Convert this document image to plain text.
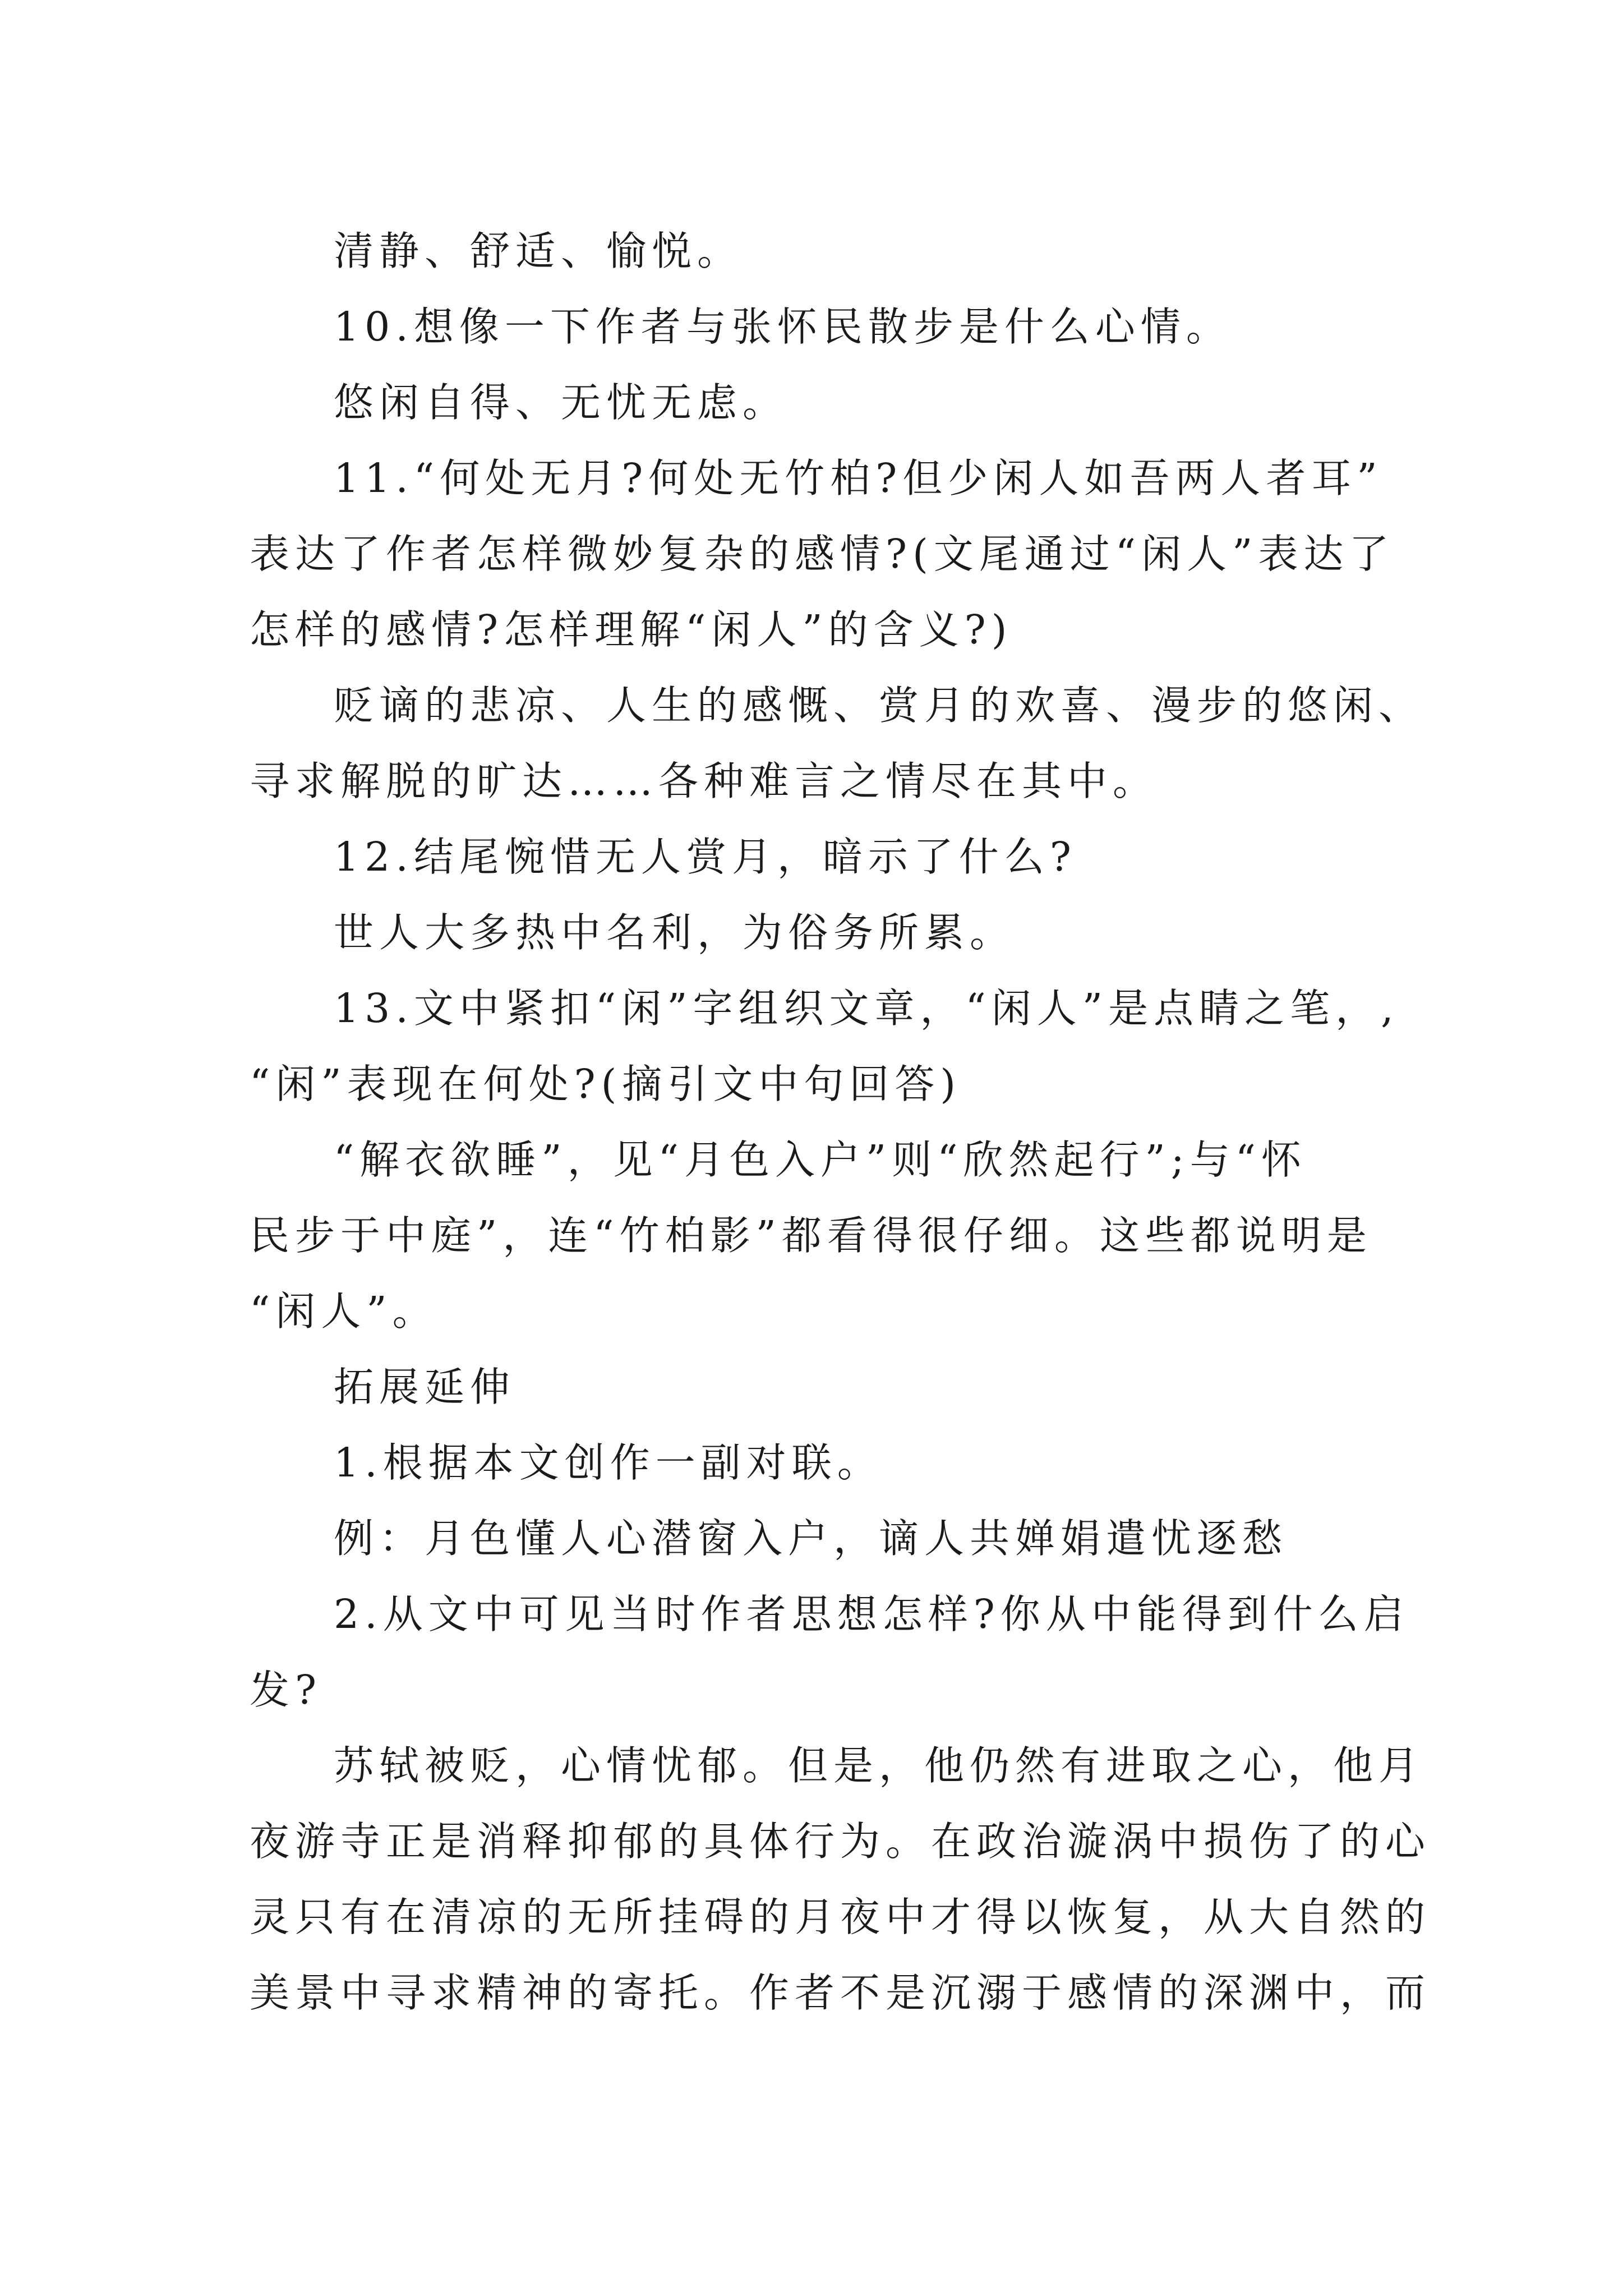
清静、舒适、愉悦。
10.想像一下作者与张怀民散步是什么心情。
悠闲自得、无忧无虑。
11.“何处无月?何处无竹柏?但少闲人如吾两人者耳”
表达了作者怎样微妙复杂的感情?(文尾通过“闲人”表达了
怎样的感情?怎样理解“闲人”的含义?)
贬谪的悲凉、人生的感慨、赏月的欢喜、漫步的悠闲、
寻求解脱的旷达……各种难言之情尽在其中。
12.结尾惋惜无人赏月，暗示了什么?
世人大多热中名利，为俗务所累。
13.文中紧扣“闲”字组织文章，“闲人”是点睛之笔，,
“闲”表现在何处?(摘引文中句回答)
“解衣欲睡”，见“月色入户”则“欣然起行”;与“怀
民步于中庭”，连“竹柏影”都看得很仔细。这些都说明是
“闲人”。
拓展延伸
1.根据本文创作一副对联。
例：月色懂人心潜窗入户，谪人共婵娟遣忧逐愁
2.从文中可见当时作者思想怎样?你从中能得到什么启
发?
苏轼被贬，心情忧郁。但是，他仍然有进取之心，他月
夜游寺正是消释抑郁的具体行为。在政治漩涡中损伤了的心
灵只有在清凉的无所挂碍的月夜中才得以恢复，从大自然的
美景中寻求精神的寄托。作者不是沉溺于感情的深渊中，而
